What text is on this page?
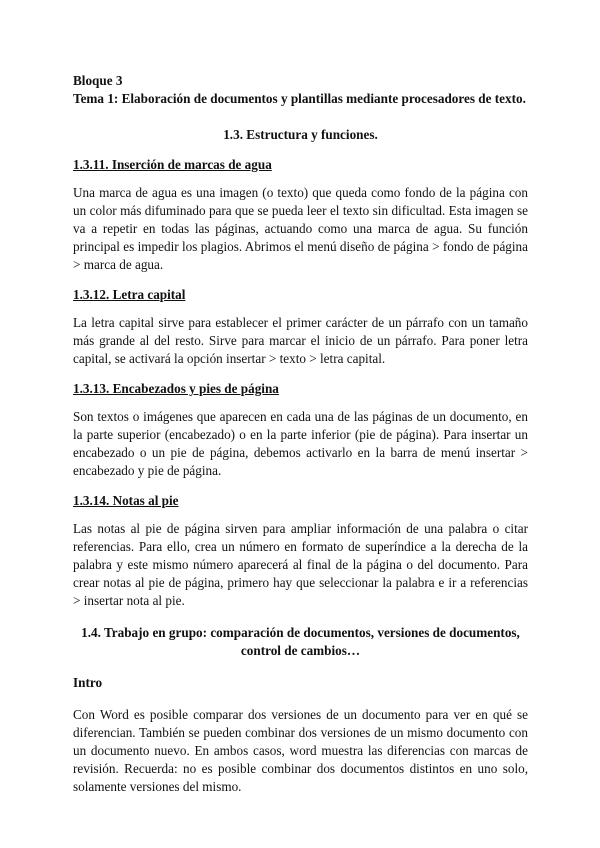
Bloque 3

Tema 1: Elaboración de documentos y plantillas mediante procesadores de texto.

1.3. Estructura y funciones.

1.3.11. Inserción de marcas de agua

Una marca de agua es una imagen (o texto) que queda como fondo de la página con un color más difuminado para que se pueda leer el texto sin dificultad. Esta imagen se va a repetir en todas las páginas, actuando como una marca de agua. Su función principal es impedir los plagios. Abrimos el menú diseño de página > fondo de página > marca de agua.

1.3.12. Letra capital

La letra capital sirve para establecer el primer carácter de un párrafo con un tamaño más grande al del resto. Sirve para marcar el inicio de un párrafo. Para poner letra capital, se activará la opción insertar > texto > letra capital.

1.3.13. Encabezados y pies de página

Son textos o imágenes que aparecen en cada una de las páginas de un documento, en la parte superior (encabezado) o en la parte inferior (pie de página). Para insertar un encabezado o un pie de página, debemos activarlo en la barra de menú insertar > encabezado y pie de página.

1.3.14. Notas al pie

Las notas al pie de página sirven para ampliar información de una palabra o citar referencias. Para ello, crea un número en formato de superíndice a la derecha de la palabra y este mismo número aparecerá al final de la página o del documento. Para crear notas al pie de página, primero hay que seleccionar la palabra e ir a referencias > insertar nota al pie.

1.4. Trabajo en grupo: comparación de documentos, versiones de documentos, control de cambios…

Intro

Con Word es posible comparar dos versiones de un documento para ver en qué se diferencian. También se pueden combinar dos versiones de un mismo documento con un documento nuevo. En ambos casos, word muestra las diferencias con marcas de revisión. Recuerda: no es posible combinar dos documentos distintos en uno solo, solamente versiones del mismo.
